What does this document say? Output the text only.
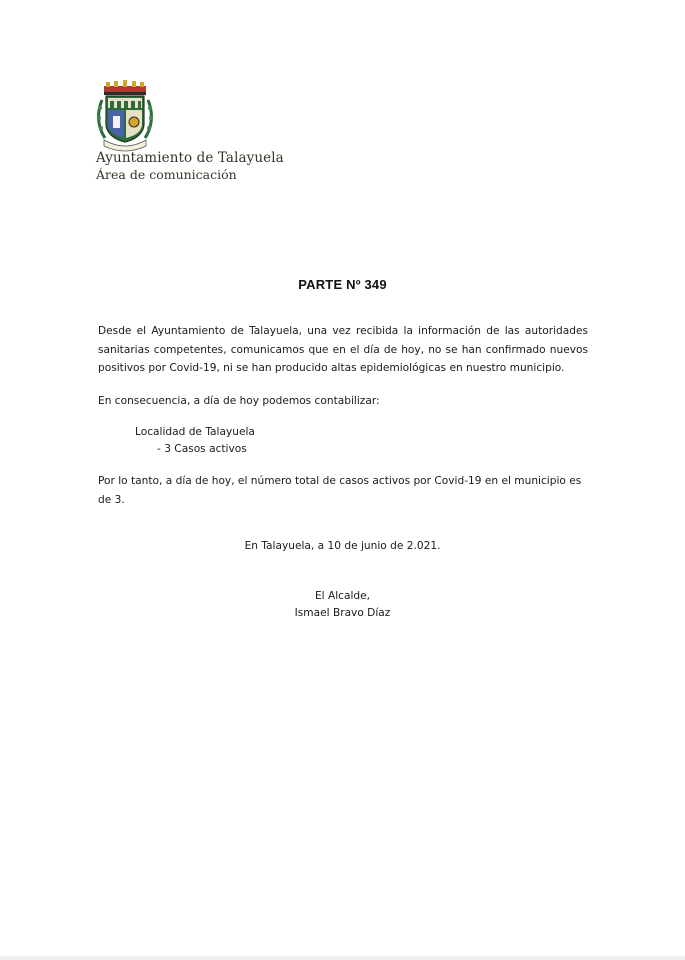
Ayuntamiento de Talayuela
Área de comunicación
PARTE Nº 349
Desde el Ayuntamiento de Talayuela, una vez recibida la información de las autoridades sanitarias competentes, comunicamos que en el día de hoy, no se han confirmado nuevos positivos por Covid-19, ni se han producido altas epidemiológicas en nuestro municipio.
En consecuencia, a día de hoy podemos contabilizar:
Localidad de Talayuela
- 3 Casos activos
Por lo tanto, a día de hoy, el número total de casos activos por Covid-19 en el municipio es de 3.
En Talayuela, a 10 de junio de 2.021.
El Alcalde,
Ismael Bravo Díaz
